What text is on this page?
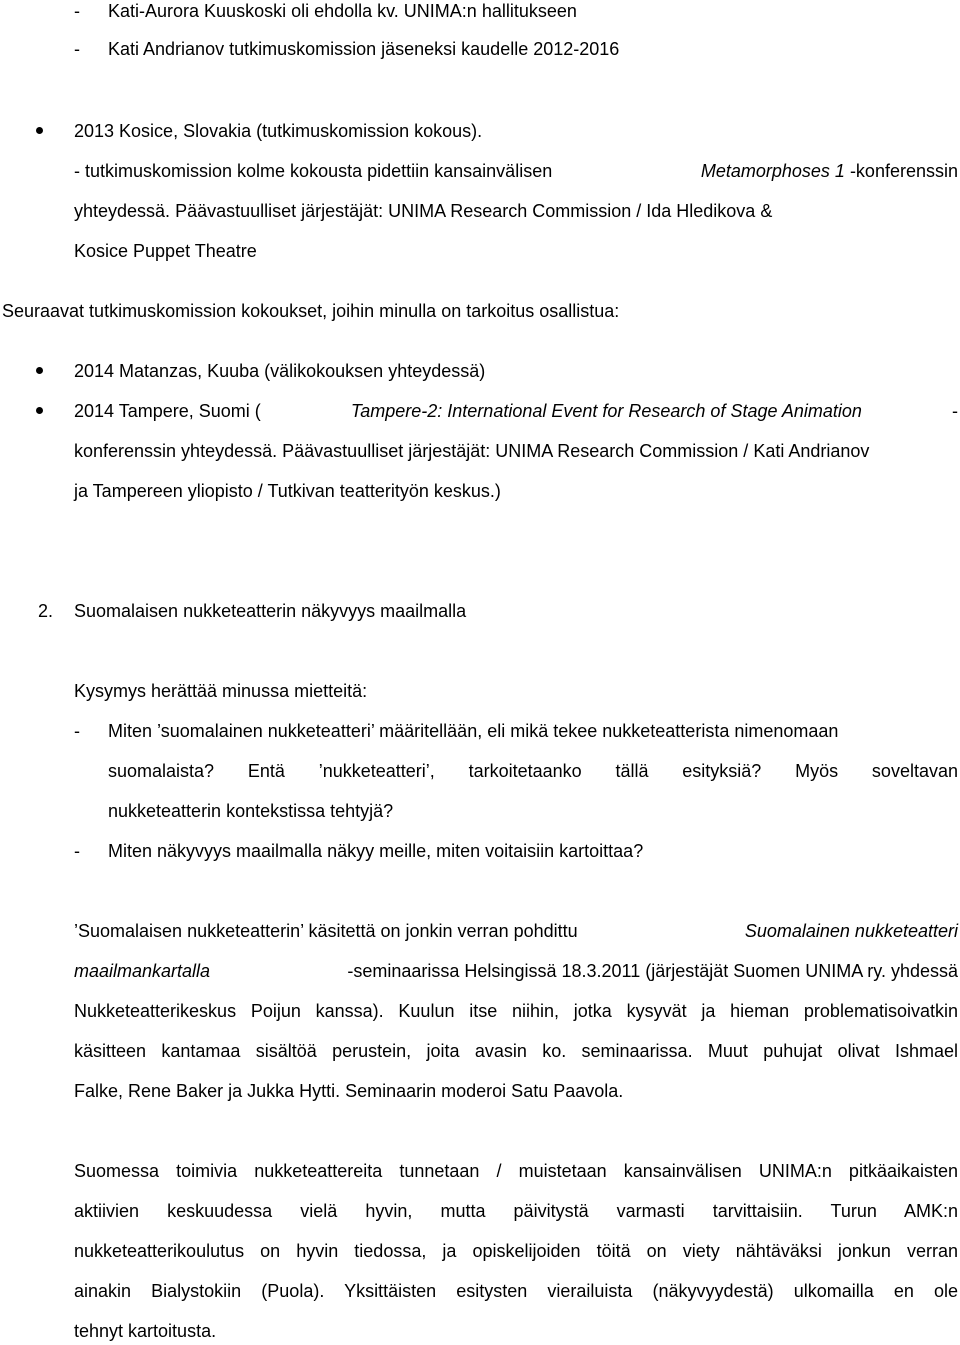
- Kati-Aurora Kuuskoski oli ehdolla kv. UNIMA:n hallitukseen
- Kati Andrianov tutkimuskomission jäseneksi kaudelle 2012-2016
2013 Kosice, Slovakia (tutkimuskomission kokous).
- tutkimuskomission kolme kokousta pidettiin kansainvälisen	Metamorphoses 1 -konferenssin
yhteydessä. Päävastuulliset järjestäjät: UNIMA Research Commission / Ida Hledikova &
Kosice Puppet Theatre
Seuraavat tutkimuskomission kokoukset, joihin minulla on tarkoitus osallistua:
2014 Matanzas, Kuuba (välikokouksen yhteydessä)
2014 Tampere, Suomi (	Tampere-2: International Event for Research of Stage Animation	-
konferenssin yhteydessä. Päävastuulliset järjestäjät: UNIMA Research Commission / Kati Andrianov
ja Tampereen yliopisto / Tutkivan teatterityön keskus.)
2. Suomalaisen nukketeatterin näkyvyys maailmalla
Kysymys herättää minussa mietteitä:
- Miten ’suomalainen nukketeatteri’ määritellään, eli mikä tekee nukketeatterista nimenomaan
suomalaista? Entä ’nukketeatteri’, tarkoitetaanko tällä esityksiä? Myös soveltavan
nukketeatterin kontekstissa tehtyjä?
- Miten näkyvyys maailmalla näkyy meille, miten voitaisiin kartoittaa?
’Suomalaisen nukketeatterin’ käsitettä on jonkin verran pohdittu	Suomalainen nukketeatteri
maailmankartalla	-seminaarissa Helsingissä 18.3.2011 (järjestäjät Suomen UNIMA ry. yhdessä
Nukketeatterikeskus Poijun kanssa). Kuulun itse niihin, jotka kysyvät ja hieman problematisoivatkin
käsitteen kantamaa sisältöä perustein, joita avasin ko. seminaarissa. Muut puhujat olivat Ishmael
Falke, Rene Baker ja Jukka Hytti. Seminaarin moderoi Satu Paavola.
Suomessa toimivia nukketeattereita tunnetaan / muistetaan kansainvälisen UNIMA:n pitkäaikaisten
aktiivien keskuudessa vielä hyvin, mutta päivitystä varmasti tarvittaisiin. Turun AMK:n
nukketeatterikoulutus on hyvin tiedossa, ja opiskelijoiden töitä on viety nähtäväksi jonkun verran
ainakin Bialystokiin (Puola). Yksittäisten esitysten vierailuista (näkyvyydestä) ulkomailla en ole
tehnyt kartoitusta.
